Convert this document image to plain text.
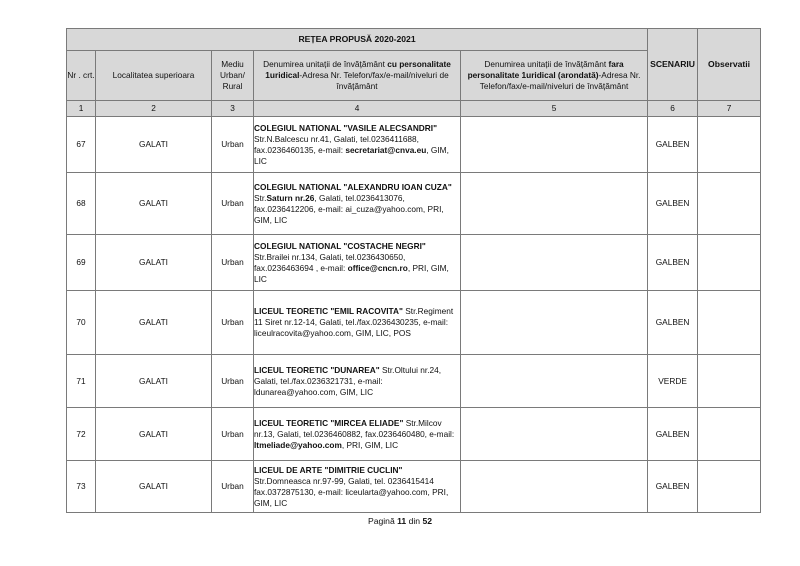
REȚEA PROPUSĂ 2020-2021					SCENARIU	Observatii
Nr . crt.	Localitatea superioara	Mediu Urban/ Rural	Denumirea unitații de învățământ cu personalitate 1uridical-Adresa Nr. Telefon/fax/e-mail/niveluri de învățământ	Denumirea unitații de învățământ fara personalitate 1uridical (arondată)-Adresa Nr. Telefon/fax/e-mail/niveluri de învățământ		
1	2	3	4	5	6	7
67	GALATI	Urban	COLEGIUL NATIONAL "VASILE ALECSANDRI" Str.N.Balcescu nr.41, Galati, tel.0236411688, fax.0236460135, e-mail: secretariat@cnva.eu, GIM, LIC		GALBEN	
68	GALATI	Urban	COLEGIUL NATIONAL "ALEXANDRU IOAN CUZA" Str.Saturn nr.26, Galati, tel.0236413076, fax.0236412206, e-mail: ai_cuza@yahoo.com, PRI, GIM, LIC		GALBEN	
69	GALATI	Urban	COLEGIUL NATIONAL "COSTACHE NEGRI" Str.Brailei nr.134, Galati, tel.0236430650, fax.0236463694 , e-mail: office@cncn.ro, PRI, GIM, LIC		GALBEN	
70	GALATI	Urban	LICEUL TEORETIC "EMIL RACOVITA" Str.Regiment 11 Siret nr.12-14, Galati, tel./fax.0236430235, e-mail: liceulracovita@yahoo.com, GIM, LIC, POS		GALBEN	
71	GALATI	Urban	LICEUL TEORETIC "DUNAREA" Str.Oltului nr.24, Galati, tel./fax.0236321731, e-mail: ldunarea@yahoo.com, GIM, LIC		VERDE	
72	GALATI	Urban	LICEUL TEORETIC "MIRCEA ELIADE" Str.Milcov nr.13, Galati, tel.0236460882, fax.0236460480, e-mail: ltmeliade@yahoo.com, PRI, GIM, LIC		GALBEN	
73	GALATI	Urban	LICEUL DE ARTE "DIMITRIE CUCLIN" Str.Domneasca nr.97-99, Galati, tel. 0236415414 fax.0372875130, e-mail: liceularta@yahoo.com, PRI, GIM, LIC		GALBEN	
Pagină 11 din 52
